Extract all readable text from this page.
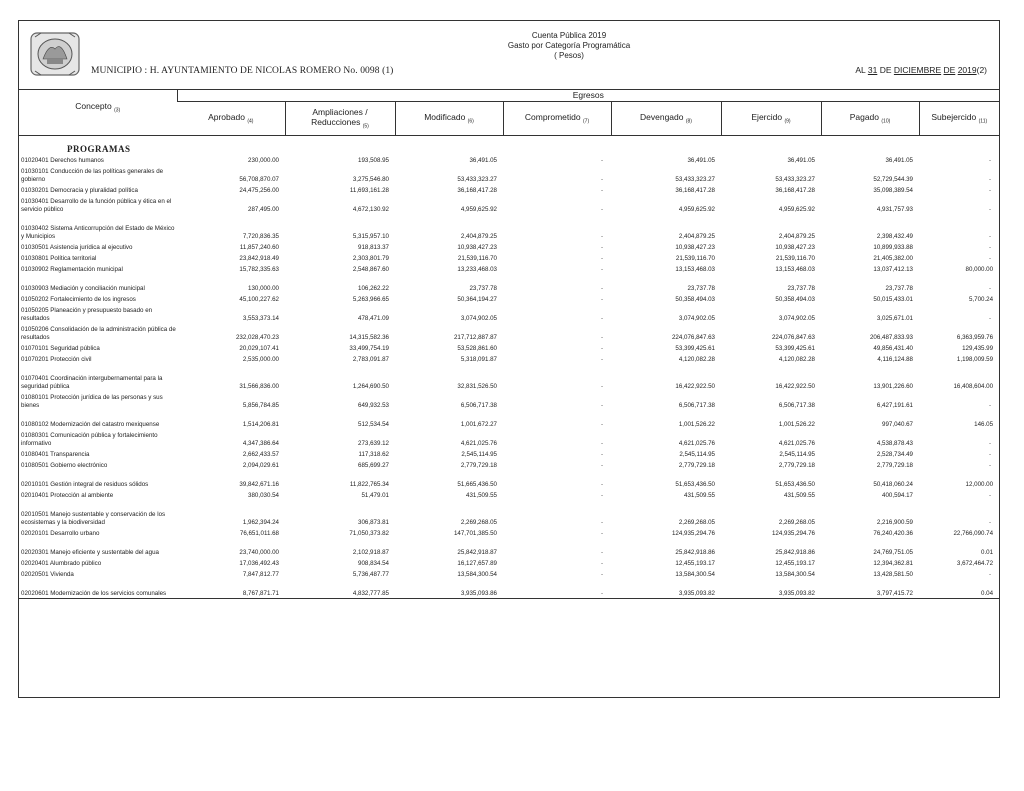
MUNICIPIO : H. AYUNTAMIENTO DE NICOLAS ROMERO No. 0098 (1)
Cuenta Pública 2019
Gasto por Categoría Programática
( Pesos)
AL 31 DE DICIEMBRE DE 2019(2)
Concepto $_{(3)}$	Egresos							
	Aprobado $_{(4)}$	Ampliaciones /
Reducciones $_{(5)}$	Modificado $_{(6)}$	Comprometido $_{(7)}$	Devengado $_{(8)}$	Ejercido $_{(9)}$	Pagado $_{(10)}$	Subejercido $_{(11)}$
PROGRAMAS								
01020401 Derechos humanos	230,000.00	193,508.95	36,491.05	-	36,491.05	36,491.05	36,491.05	-
01030101 Conducción de las políticas generales de gobierno	56,708,870.07	3,275,546.80	53,433,323.27	-	53,433,323.27	53,433,323.27	52,729,544.39	-
01030201 Democracia y pluralidad política	24,475,256.00	11,693,161.28	36,168,417.28	-	36,168,417.28	36,168,417.28	35,098,389.54	-
01030401 Desarrollo de la función pública y ética en el servicio público	287,495.00	4,672,130.92	4,959,625.92	-	4,959,625.92	4,959,625.92	4,931,757.93	-
01030402 Sistema Anticorrupción del Estado de México y Municipios	7,720,836.35	5,315,957.10	2,404,879.25	-	2,404,879.25	2,404,879.25	2,398,432.49	-
01030501 Asistencia jurídica al ejecutivo	11,857,240.60	918,813.37	10,938,427.23	-	10,938,427.23	10,938,427.23	10,899,933.88	-
01030801 Política territorial	23,842,918.49	2,303,801.79	21,539,116.70	-	21,539,116.70	21,539,116.70	21,405,382.00	-
01030902 Reglamentación municipal	15,782,335.63	2,548,867.60	13,233,468.03	-	13,153,468.03	13,153,468.03	13,037,412.13	80,000.00
01030903 Mediación y conciliación municipal	130,000.00	106,262.22	23,737.78	-	23,737.78	23,737.78	23,737.78	-
01050202 Fortalecimiento de los ingresos	45,100,227.62	5,263,966.65	50,364,194.27	-	50,358,494.03	50,358,494.03	50,015,433.01	5,700.24
01050205 Planeación y presupuesto basado en resultados	3,553,373.14	478,471.09	3,074,902.05	-	3,074,902.05	3,074,902.05	3,025,671.01	-
01050206 Consolidación de la administración pública de resultados	232,028,470.23	14,315,582.36	217,712,887.87	-	224,076,847.63	224,076,847.63	206,487,833.93	6,363,959.76
01070101 Seguridad pública	20,029,107.41	33,499,754.19	53,528,861.60	-	53,399,425.61	53,399,425.61	49,856,431.40	129,435.99
01070201 Protección civil	2,535,000.00	2,783,091.87	5,318,091.87	-	4,120,082.28	4,120,082.28	4,116,124.88	1,198,009.59
01070401 Coordinación intergubernamental para la seguridad pública	31,566,836.00	1,264,690.50	32,831,526.50	-	16,422,922.50	16,422,922.50	13,901,226.60	16,408,604.00
01080101 Protección jurídica de las personas y sus bienes	5,856,784.85	649,932.53	6,506,717.38	-	6,506,717.38	6,506,717.38	6,427,191.61	-
01080102 Modernización del catastro mexiquense	1,514,206.81	512,534.54	1,001,672.27	-	1,001,526.22	1,001,526.22	997,040.67	146.05
01080301 Comunicación pública y fortalecimiento informativo	4,347,386.64	273,639.12	4,621,025.76	-	4,621,025.76	4,621,025.76	4,538,878.43	-
01080401 Transparencia	2,662,433.57	117,318.62	2,545,114.95	-	2,545,114.95	2,545,114.95	2,528,734.49	-
01080501 Gobierno electrónico	2,094,029.61	685,699.27	2,779,729.18	-	2,779,729.18	2,779,729.18	2,779,729.18	-
02010101 Gestión integral de residuos sólidos	39,842,671.16	11,822,765.34	51,665,436.50	-	51,653,436.50	51,653,436.50	50,418,060.24	12,000.00
02010401 Protección al ambiente	380,030.54	51,479.01	431,509.55	-	431,509.55	431,509.55	400,594.17	-
02010501 Manejo sustentable y conservación de los ecosistemas y la biodiversidad	1,962,394.24	306,873.81	2,269,268.05	-	2,269,268.05	2,269,268.05	2,216,900.59	-
02020101 Desarrollo urbano	76,651,011.68	71,050,373.82	147,701,385.50	-	124,935,294.76	124,935,294.76	76,240,420.36	22,766,090.74
02020301 Manejo eficiente y sustentable del agua	23,740,000.00	2,102,918.87	25,842,918.87	-	25,842,918.86	25,842,918.86	24,769,751.05	0.01
02020401 Alumbrado público	17,036,492.43	908,834.54	16,127,657.89	-	12,455,193.17	12,455,193.17	12,394,362.81	3,672,464.72
02020501 Vivienda	7,847,812.77	5,736,487.77	13,584,300.54	-	13,584,300.54	13,584,300.54	13,428,581.50	-
02020601 Modernización de los servicios comunales	8,767,871.71	4,832,777.85	3,935,093.86	-	3,935,093.82	3,935,093.82	3,797,415.72	0.04
